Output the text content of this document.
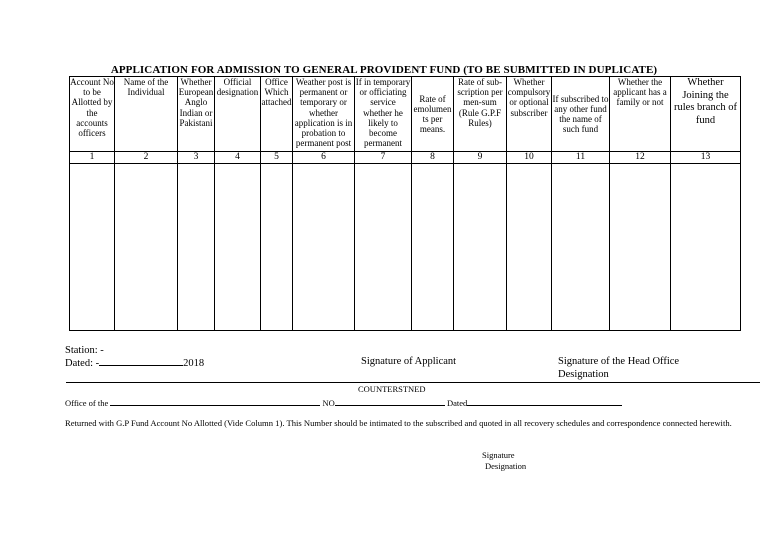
APPLICATION FOR ADMISSION TO GENERAL PROVIDENT FUND (TO BE SUBMITTED IN DUPLICATE)
Account No to be Allotted by the accounts officers	Name of the Individual	Whether European Anglo Indian or Pakistani	Official designation	Office Which attached	Weather post is permanent or temporary or whether application is in probation to permanent post	If in temporary or officiating service whether he likely to become permanent	Rate of emolumen ts per means.	Rate of sub-scription per men-sum (Rule G.P.F Rules)	Whether compulsory or optional subscriber	If subscribed to any other fund the name of such fund	Whether the applicant has a family or not	Whether Joining the rules branch of fund
1	2	3	4	5	6	7	8	9	10	11	12	13

Station: -
Dated: -	2018	Signature of Applicant	Signature of the Head Office
Designation
COUNTERSTNED
Office of the	NO	Dated
Returned with G.P Fund Account No Allotted (Vide Column 1). This Number should be intimated to the subscribed and quoted in all recovery schedules and correspondence connected herewith.
Signature
Designation
